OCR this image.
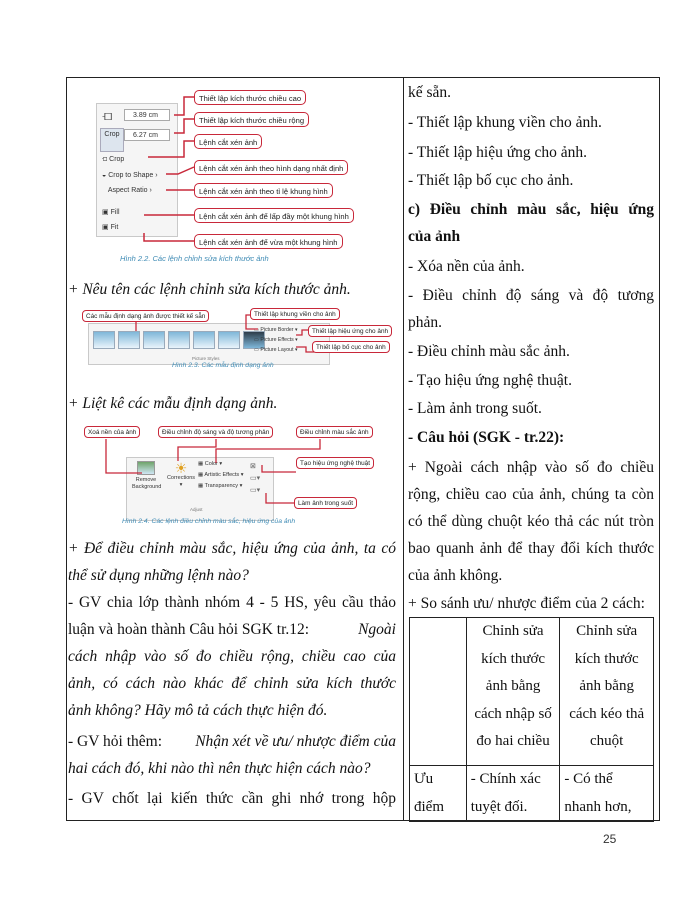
⟤
Crop
3.89 cm
6.27 cm
⟤ Crop
◒ Crop to Shape ›
Aspect Ratio ›
▣ Fill
▣ Fit
Thiết lập kích thước chiều cao
Thiết lập kích thước chiều rộng
Lệnh cắt xén ảnh
Lệnh cắt xén ảnh theo hình dạng nhất định
Lệnh cắt xén ảnh theo tỉ lệ khung hình
Lệnh cắt xén ảnh để lấp đầy một khung hình
Lệnh cắt xén ảnh để vừa một khung hình
Hình 2.2. Các lệnh chỉnh sửa kích thước ảnh
+ Nêu tên các lệnh chỉnh sửa kích thước ảnh.
▭ Picture Border ▾
▭ Picture Effects ▾
▭ Picture Layout ▾
Picture Styles
Các mẫu định dạng ảnh được thiết kế sẵn	Thiết lập khung viền cho ảnh
Thiết lập hiệu ứng cho ảnh
Thiết lập bố cục cho ảnh
Hình 2.3. Các mẫu định dạng ảnh
+ Liệt kê các mẫu định dạng ảnh.
Remove Background
☀
Corrections ▾
▦ Color ▾
▦ Artistic Effects ▾
▦ Transparency ▾
⊠
▭▾
▭▾
Adjust
Xoá nền của ảnh	Điều chỉnh độ sáng và độ tương phản	Điều chỉnh màu sắc ảnh
Tạo hiệu ứng nghệ thuật
Làm ảnh trong suốt
Hình 2.4. Các lệnh điều chỉnh màu sắc, hiệu ứng của ảnh
+ Để điều chỉnh màu sắc, hiệu ứng của ảnh, ta có
thể sử dụng những lệnh nào?
- GV chia lớp thành nhóm 4 - 5 HS, yêu cầu thảo
luận và hoàn thành Câu hỏi SGK tr.12:	Ngoài
cách nhập vào số đo chiều rộng, chiều cao của
ảnh, có cách nào khác để chỉnh sửa kích thước
ảnh không? Hãy mô tả cách thực hiện đó.
- GV hỏi thêm: Nhận xét về ưu/ nhược điểm của
hai cách đó, khi nào thì nên thực hiện cách nào?
- GV chốt lại kiến thức cần ghi nhớ trong hộp
kế sẵn.
- Thiết lập khung viền cho ảnh.
- Thiết lập hiệu ứng cho ảnh.
- Thiết lập bố cục cho ảnh.
c) Điều chỉnh màu sắc, hiệu ứng
của ảnh
- Xóa nền của ảnh.
- Điều chỉnh độ sáng và độ tương
phản.
- Điều chỉnh màu sắc ảnh.
- Tạo hiệu ứng nghệ thuật.
- Làm ảnh trong suốt.
- Câu hỏi (SGK - tr.22):
+ Ngoài cách nhập vào số đo chiều
rộng, chiều cao của ảnh, chúng ta còn
có thể dùng chuột kéo thả các nút tròn
bao quanh ảnh để thay đổi kích thước
của ảnh không.
+ So sánh ưu/ nhược điểm của 2 cách:
	Chỉnh sửa kích thước ảnh bằng cách nhập số đo hai chiều	Chỉnh sửa kích thước ảnh bằng cách kéo thả chuột
Ưu điểm	- Chính xác tuyệt đối.	- Có thể nhanh hơn,
25
